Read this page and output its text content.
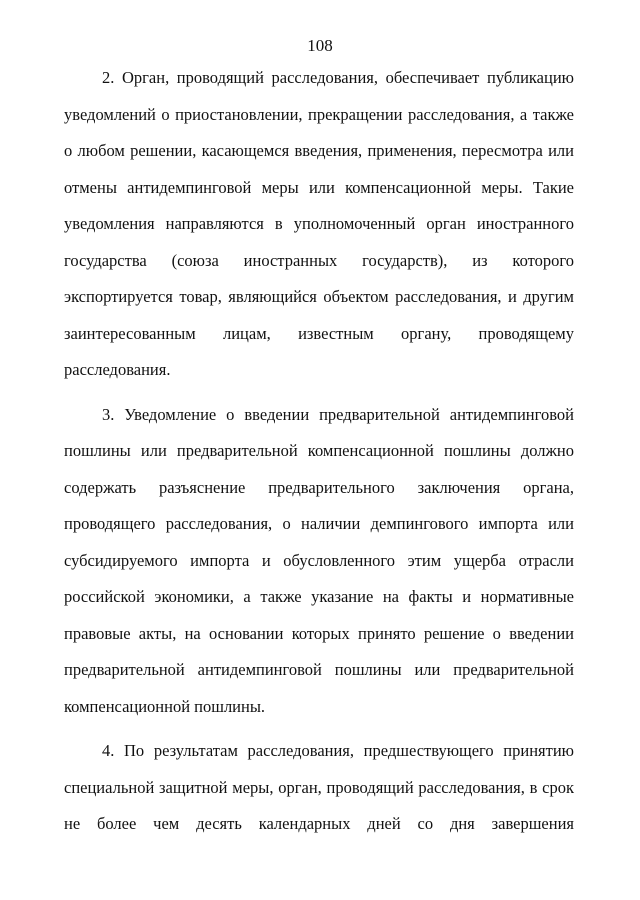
108
2. Орган, проводящий расследования, обеспечивает публикацию
уведомлений о приостановлении, прекращении расследования, а также
о любом решении, касающемся введения, применения, пересмотра или
отмены антидемпинговой меры или компенсационной меры. Такие
уведомления направляются в уполномоченный орган иностранного
государства (союза иностранных государств), из которого
экспортируется товар, являющийся объектом расследования, и другим
заинтересованным лицам, известным органу, проводящему
расследования.
3. Уведомление о введении предварительной антидемпинговой
пошлины или предварительной компенсационной пошлины должно
содержать разъяснение предварительного заключения органа,
проводящего расследования, о наличии демпингового импорта или
субсидируемого импорта и обусловленного этим ущерба отрасли
российской экономики, а также указание на факты и нормативные
правовые акты, на основании которых принято решение о введении
предварительной антидемпинговой пошлины или предварительной
компенсационной пошлины.
4. По результатам расследования, предшествующего принятию
специальной защитной меры, орган, проводящий расследования, в срок
не более чем десять календарных дней со дня завершения
